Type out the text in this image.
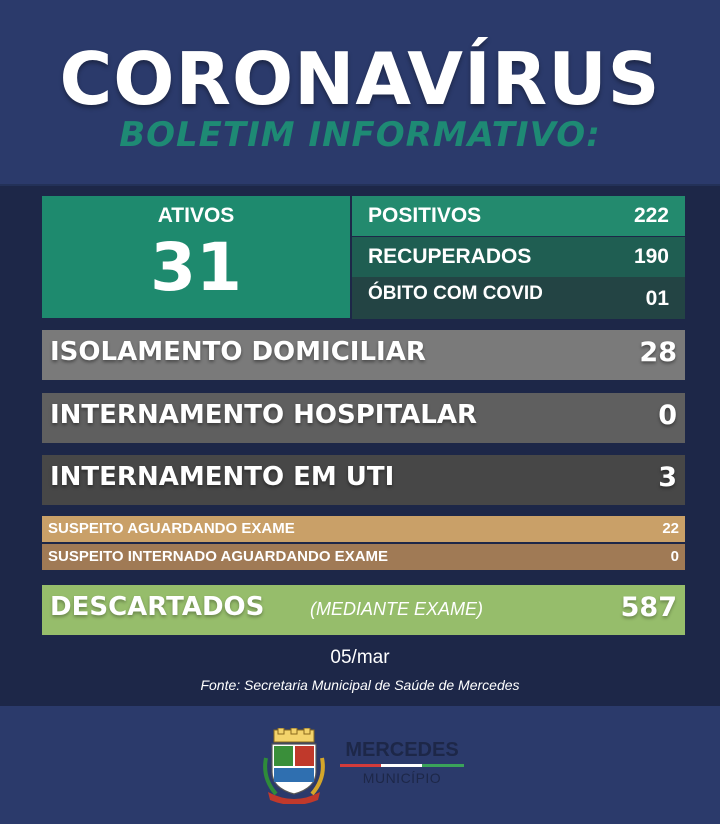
CORONAVÍRUS
BOLETIM INFORMATIVO:
ATIVOS
31
POSITIVOS	222
RECUPERADOS	190
ÓBITO COM COVID	01
ISOLAMENTO DOMICILIAR	28
INTERNAMENTO HOSPITALAR	0
INTERNAMENTO EM UTI	3
SUSPEITO AGUARDANDO EXAME	22
SUSPEITO INTERNADO AGUARDANDO EXAME	0
DESCARTADOS	(MEDIANTE EXAME)	587
05/mar
Fonte: Secretaria Municipal de Saúde de Mercedes
MERCEDES
MUNICÍPIO
